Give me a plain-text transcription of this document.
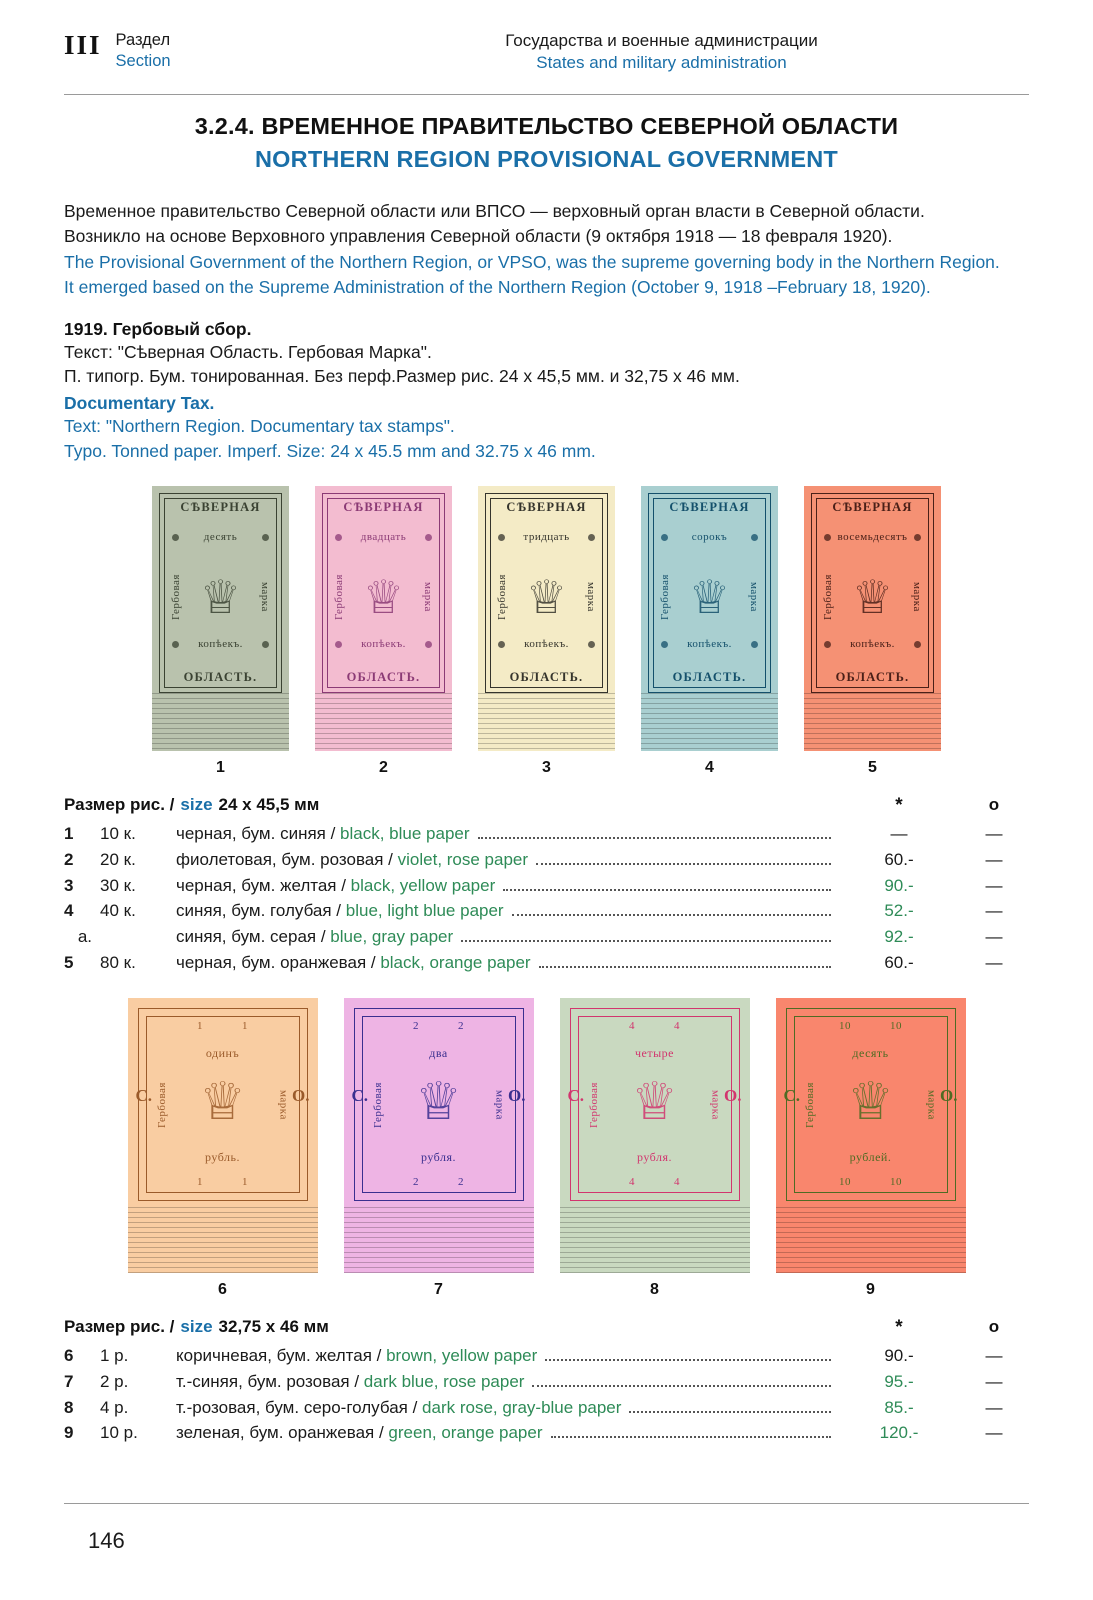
III Раздел
Section
Государства и военные администрации
States and military administration
3.2.4. ВРЕМЕННОЕ ПРАВИТЕЛЬСТВО СЕВЕРНОЙ ОБЛАСТИ
NORTHERN REGION PROVISIONAL GOVERNMENT
Временное правительство Северной области или ВПСО — верховный орган власти в Северной области.
Возникло на основе Верховного управления Северной области (9 октября 1918 — 18 февраля 1920).
The Provisional Government of the Northern Region, or VPSO, was the supreme governing body in the Northern Region.
It emerged based on the Supreme Administration of the Northern Region (October 9, 1918 –February 18, 1920).
1919. Гербовый сбор.
Текст: "Сѣверная Область. Гербовая Марка".
П. типогр. Бум. тонированная. Без перф.Размер рис. 24 х 45,5 мм. и 32,75 х 46 мм.
Documentary Tax.
Text: "Northern Region. Documentary tax stamps".
Typo. Tonned paper. Imperf. Size: 24 x 45.5 mm and 32.75 x 46 mm.
СѢВЕРНАЯ
десять
♕
Гербовая	марка
копѣекъ.
ОБЛАСТЬ.
1
СѢВЕРНАЯ
двадцать
♕
Гербовая	марка
копѣекъ.
ОБЛАСТЬ.
2
СѢВЕРНАЯ
тридцать
♕
Гербовая	марка
копѣекъ.
ОБЛАСТЬ.
3
СѢВЕРНАЯ
сорокъ
♕
Гербовая	марка
копѣекъ.
ОБЛАСТЬ.
4
СѢВЕРНАЯ
восемьдесятъ
♕
Гербовая	марка
копѣекъ.
ОБЛАСТЬ.
5
Размер рис. / size 24 x 45,5 мм	*	o
1	10 к.	черная, бум. синяя / black, blue paper	—	—
2	20 к.	фиолетовая, бум. розовая / violet, rose paper	60.-	—
3	30 к.	черная, бум. желтая / black, yellow paper	90.-	—
4	40 к.	синяя, бум. голубая / blue, light blue paper	52.-	—
а.	синяя, бум. серая / blue, gray paper	92.-	—
5	80 к.	черная, бум. оранжевая / black, orange paper	60.-	—
1            1
одинъ
♕
Гербовая	марка
С.	О.
рубль.
1            1
6
2            2
два
♕
Гербовая	марка
С.	О.
рубля.
2            2
7
4            4
четыре
♕
Гербовая	марка
С.	О.
рубля.
4            4
8
10            10
десять
♕
Гербовая	марка
С.	О.
рублей.
10            10
9
Размер рис. / size 32,75 x 46 мм	*	o
6	1 р.	коричневая, бум. желтая / brown, yellow paper	90.-	—
7	2 р.	т.-синяя, бум. розовая / dark blue, rose paper	95.-	—
8	4 р.	т.-розовая, бум. серо-голубая / dark rose, gray-blue paper	85.-	—
9	10 р.	зеленая, бум. оранжевая / green, orange paper	120.-	—
146
